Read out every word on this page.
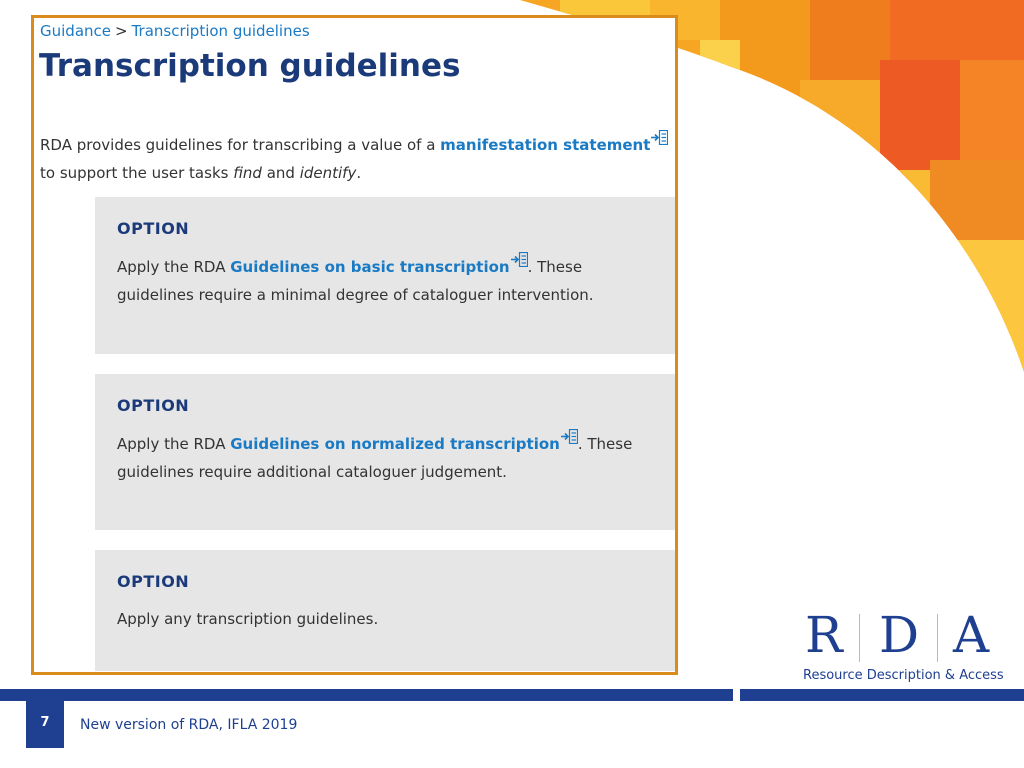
Guidance > Transcription guidelines
Transcription guidelines
RDA provides guidelines for transcribing a value of a manifestation statement to support the user tasks find and identify.
OPTION
Apply the RDA Guidelines on basic transcription . These guidelines require a minimal degree of cataloguer intervention.
OPTION
Apply the RDA Guidelines on normalized transcription . These guidelines require additional cataloguer judgement.
OPTION
Apply any transcription guidelines.	R D A
Resource Description & Access
7	New version of RDA, IFLA 2019
